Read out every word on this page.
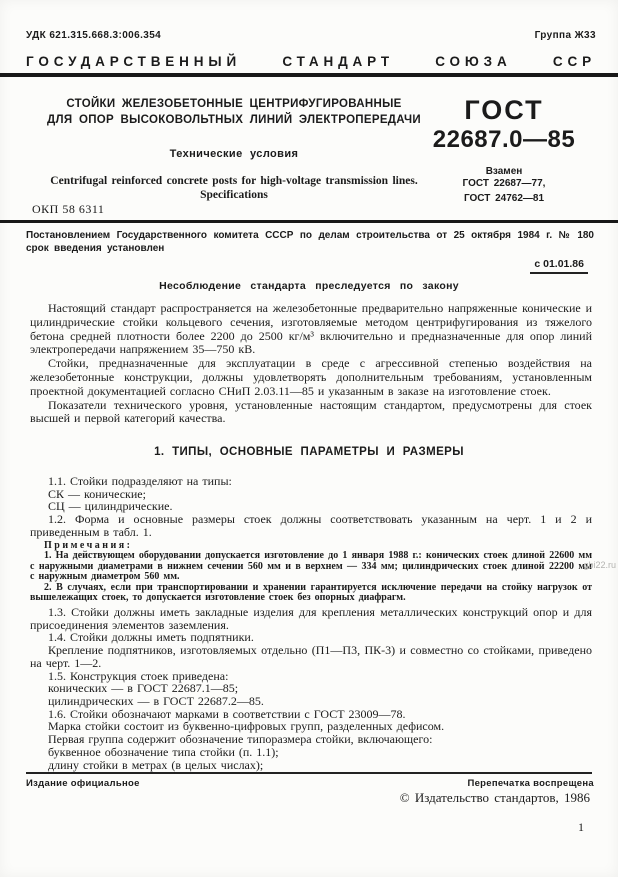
УДК 621.315.668.3:006.354	Группа Ж33
ГОСУДАРСТВЕННЫЙ	СТАНДАРТ	СОЮЗА	ССР
СТОЙКИ ЖЕЛЕЗОБЕТОННЫЕ ЦЕНТРИФУГИРОВАННЫЕ
ДЛЯ ОПОР ВЫСОКОВОЛЬТНЫХ ЛИНИЙ ЭЛЕКТРОПЕРЕДАЧИ
Технические условия
Centrifugal reinforced concrete posts for high-voltage transmission lines.
Specifications
ГОСТ
22687.0—85
Взамен
ГОСТ 22687—77,
ГОСТ 24762—81
ОКП 58 6311
Постановлением Государственного комитета СССР по делам строительства от 25 октября 1984 г. № 180 срок введения установлен
с 01.01.86
Несоблюдение стандарта преследуется по закону

Настоящий стандарт распространяется на железобетонные предварительно напряженные конические и цилиндрические стойки кольцевого сечения, изготовляемые методом центрифугирования из тяжелого бетона средней плотности более 2200 до 2500 кг/м³ включительно и предназначенные для опор линий электропередачи напряжением 35—750 кВ.

Стойки, предназначенные для эксплуатации в среде с агрессивной степенью воздействия на железобетонные конструкции, должны удовлетворять дополнительным требованиям, установленным проектной документацией согласно СНиП 2.03.11—85 и указанным в заказе на изготовление стоек.

Показатели технического уровня, установленные настоящим стандартом, предусмотрены для стоек высшей и первой категорий качества.

1. ТИПЫ, ОСНОВНЫЕ ПАРАМЕТРЫ И РАЗМЕРЫ

1.1. Стойки подразделяют на типы:

СК — конические;

СЦ — цилиндрические.

1.2. Форма и основные размеры стоек должны соответствовать указанным на черт. 1 и 2 и приведенным в табл. 1.

Примечания:

1. На действующем оборудовании допускается изготовление до 1 января 1988 г.: конических стоек длиной 22600 мм с наружными диаметрами в нижнем сечении 560 мм и в верхнем — 334 мм; цилиндрических стоек длиной 22200 мм с наружным диаметром 560 мм.

2. В случаях, если при транспортировании и хранении гарантируется исключение передачи на стойку нагрузок от вышележащих стоек, то допускается изготовление стоек без опорных диафрагм.

1.3. Стойки должны иметь закладные изделия для крепления металлических конструкций опор и для присоединения элементов заземления.

1.4. Стойки должны иметь подпятники.

Крепление подпятников, изготовляемых отдельно (П1—П3, ПК-3) и совместно со стойками, приведено на черт. 1—2.

1.5. Конструкция стоек приведена:

конических — в ГОСТ 22687.1—85;

цилиндрических — в ГОСТ 22687.2—85.

1.6. Стойки обозначают марками в соответствии с ГОСТ 23009—78.

Марка стойки состоит из буквенно-цифровых групп, разделенных дефисом.

Первая группа содержит обозначение типоразмера стойки, включающего:

буквенное обозначение типа стойки (п. 1.1);

длину стойки в метрах (в целых числах);

Издание официальное	Перепечатка воспрещена
© Издательство стандартов, 1986
1
gbi22.ru
